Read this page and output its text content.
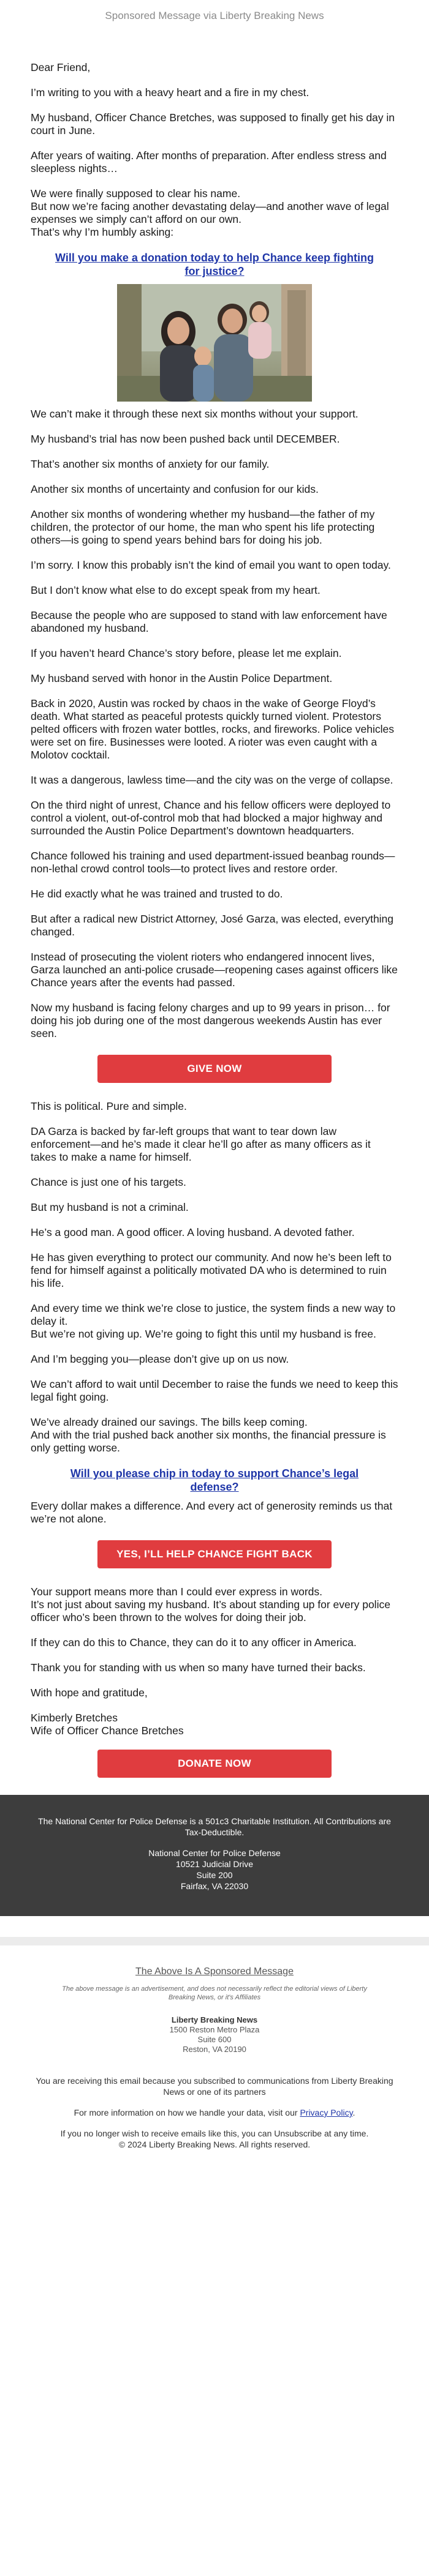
Sponsored Message via Liberty Breaking News

Dear Friend,

I’m writing to you with a heavy heart and a fire in my chest.

My husband, Officer Chance Bretches, was supposed to finally get his day in court in June.

After years of waiting. After months of preparation. After endless stress and sleepless nights…

We were finally supposed to clear his name.

But now we’re facing another devastating delay—and another wave of legal expenses we simply can’t afford on our own.

That’s why I’m humbly asking:

Will you make a donation today to help Chance keep fighting for justice?

We can’t make it through these next six months without your support.

My husband’s trial has now been pushed back until DECEMBER.

That’s another six months of anxiety for our family.

Another six months of uncertainty and confusion for our kids.

Another six months of wondering whether my husband—the father of my children, the protector of our home, the man who spent his life protecting others—is going to spend years behind bars for doing his job.

I’m sorry. I know this probably isn’t the kind of email you want to open today.

But I don’t know what else to do except speak from my heart.

Because the people who are supposed to stand with law enforcement have abandoned my husband.

If you haven’t heard Chance’s story before, please let me explain.

My husband served with honor in the Austin Police Department.

Back in 2020, Austin was rocked by chaos in the wake of George Floyd’s death. What started as peaceful protests quickly turned violent. Protestors pelted officers with frozen water bottles, rocks, and fireworks. Police vehicles were set on fire. Businesses were looted. A rioter was even caught with a Molotov cocktail.

It was a dangerous, lawless time—and the city was on the verge of collapse.

On the third night of unrest, Chance and his fellow officers were deployed to control a violent, out-of-control mob that had blocked a major highway and surrounded the Austin Police Department’s downtown headquarters.

Chance followed his training and used department-issued beanbag rounds—non-lethal crowd control tools—to protect lives and restore order.

He did exactly what he was trained and trusted to do.

But after a radical new District Attorney, José Garza, was elected, everything changed.

Instead of prosecuting the violent rioters who endangered innocent lives, Garza launched an anti-police crusade—reopening cases against officers like Chance years after the events had passed.

Now my husband is facing felony charges and up to 99 years in prison… for doing his job during one of the most dangerous weekends Austin has ever seen.

GIVE NOW

This is political. Pure and simple.

DA Garza is backed by far-left groups that want to tear down law enforcement—and he’s made it clear he’ll go after as many officers as it takes to make a name for himself.

Chance is just one of his targets.

But my husband is not a criminal.

He’s a good man. A good officer. A loving husband. A devoted father.

He has given everything to protect our community. And now he’s been left to fend for himself against a politically motivated DA who is determined to ruin his life.

And every time we think we’re close to justice, the system finds a new way to delay it.

But we’re not giving up. We’re going to fight this until my husband is free.

And I’m begging you—please don’t give up on us now.

We can’t afford to wait until December to raise the funds we need to keep this legal fight going.

We’ve already drained our savings. The bills keep coming.

And with the trial pushed back another six months, the financial pressure is only getting worse.

Will you please chip in today to support Chance’s legal defense?

Every dollar makes a difference. And every act of generosity reminds us that we’re not alone.

YES, I’LL HELP CHANCE FIGHT BACK

Your support means more than I could ever express in words.

It’s not just about saving my husband. It’s about standing up for every police officer who’s been thrown to the wolves for doing their job.

If they can do this to Chance, they can do it to any officer in America.

Thank you for standing with us when so many have turned their backs.

With hope and gratitude,

Kimberly Bretches

Wife of Officer Chance Bretches

DONATE NOW
The National Center for Police Defense is a 501c3 Charitable Institution. All Contributions are Tax-Deductible.
National Center for Police Defense
10521 Judicial Drive
Suite 200
Fairfax, VA 22030
The Above Is A Sponsored Message
The above message is an advertisement, and does not necessarily reflect the editorial views of Liberty Breaking News, or it's Affiliates
Liberty Breaking News
1500 Reston Metro Plaza
Suite 600
Reston, VA 20190

You are receiving this email because you subscribed to communications from Liberty Breaking News or one of its partners

For more information on how we handle your data, visit our Privacy Policy.

If you no longer wish to receive emails like this, you can Unsubscribe at any time.

© 2024 Liberty Breaking News. All rights reserved.
